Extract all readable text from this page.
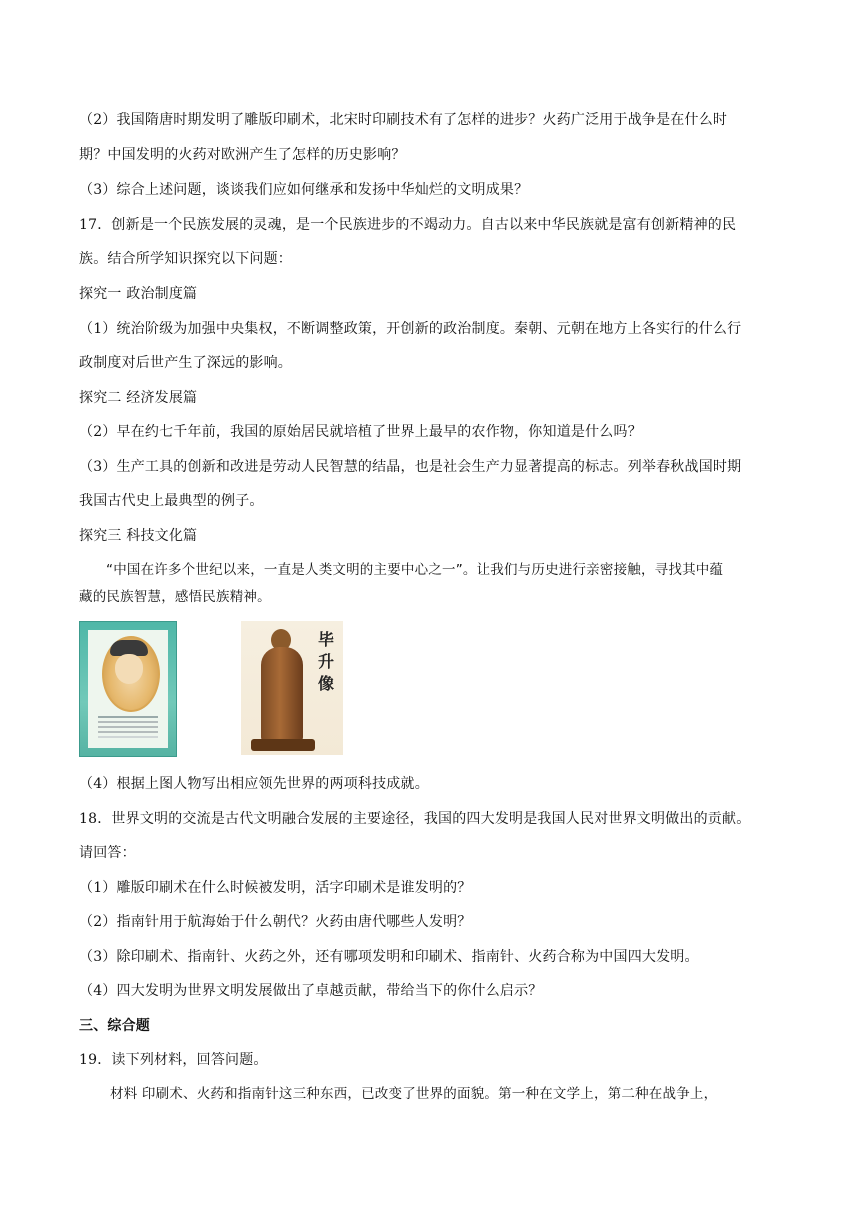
（2）我国隋唐时期发明了雕版印刷术，北宋时印刷技术有了怎样的进步？火药广泛用于战争是在什么时
期？中国发明的火药对欧洲产生了怎样的历史影响？
（3）综合上述问题，谈谈我们应如何继承和发扬中华灿烂的文明成果？
17．创新是一个民族发展的灵魂，是一个民族进步的不竭动力。自古以来中华民族就是富有创新精神的民
族。结合所学知识探究以下问题：
探究一 政治制度篇
（1）统治阶级为加强中央集权，不断调整政策，开创新的政治制度。秦朝、元朝在地方上各实行的什么行
政制度对后世产生了深远的影响。
探究二 经济发展篇
（2）早在约七千年前，我国的原始居民就培植了世界上最早的农作物，你知道是什么吗？
（3）生产工具的创新和改进是劳动人民智慧的结晶，也是社会生产力显著提高的标志。列举春秋战国时期
我国古代史上最典型的例子。
探究三 科技文化篇
“中国在许多个世纪以来，一直是人类文明的主要中心之一”。让我们与历史进行亲密接触，寻找其中蕴
藏的民族智慧，感悟民族精神。
毕
升
像
（4）根据上图人物写出相应领先世界的两项科技成就。
18．世界文明的交流是古代文明融合发展的主要途径，我国的四大发明是我国人民对世界文明做出的贡献。
请回答：
（1）雕版印刷术在什么时候被发明，活字印刷术是谁发明的？
（2）指南针用于航海始于什么朝代？火药由唐代哪些人发明？
（3）除印刷术、指南针、火药之外，还有哪项发明和印刷术、指南针、火药合称为中国四大发明。
（4）四大发明为世界文明发展做出了卓越贡献，带给当下的你什么启示？
三、综合题
19．读下列材料，回答问题。
材料 印刷术、火药和指南针这三种东西，已改变了世界的面貌。第一种在文学上，第二种在战争上，
